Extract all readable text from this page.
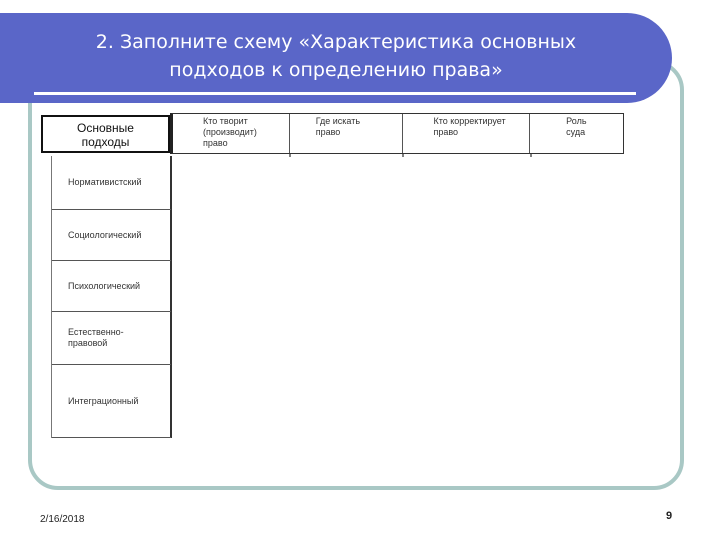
2. Заполните схему «Характеристика основных
подходов к определению права»
Основные
подходы
Кто творит
(производит)
право
Где искать
право
Кто корректирует
право
Роль
суда
Нормативистский
Социологический
Психологический
Естественно-
правовой
Интеграционный
2/16/2018	9
